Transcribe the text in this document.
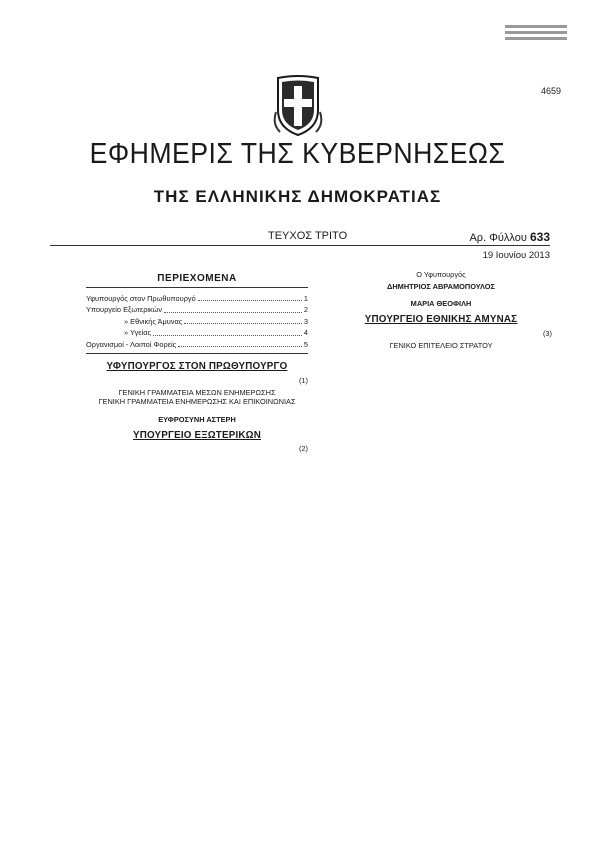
4659
ΕΦΗΜΕΡΙΣ ΤΗΣ ΚΥΒΕΡΝΗΣΕΩΣ
ΤΗΣ ΕΛΛΗΝΙΚΗΣ ΔΗΜΟΚΡΑΤΙΑΣ
ΤΕΥΧΟΣ ΤΡΙΤΟ	Αρ. Φύλλου 633
19 Ιουνίου 2013
ΠΕΡΙΕΧΟΜΕΝΑ
Υφυπουργός στον Πρωθυπουργό	1
Υπουργείο Εξωτερικών	2
» Εθνικής Άμυνας	3
» Υγείας	4
Οργανισμοί - Λοιποί Φορείς	5
ΥΦΥΠΟΥΡΓΟΣ ΣΤΟΝ ΠΡΩΘΥΠΟΥΡΓΟ
(1)
ΓΕΝΙΚΗ ΓΡΑΜΜΑΤΕΙΑ ΜΕΣΩΝ ΕΝΗΜΕΡΩΣΗΣ
ΓΕΝΙΚΗ ΓΡΑΜΜΑΤΕΙΑ ΕΝΗΜΕΡΩΣΗΣ ΚΑΙ ΕΠΙΚΟΙΝΩΝΙΑΣ
ΕΥΦΡΟΣΥΝΗ ΑΣΤΕΡΗ
ΥΠΟΥΡΓΕΙΟ ΕΞΩΤΕΡΙΚΩΝ
(2)
Ο Υφυπουργός
ΔΗΜΗΤΡΙΟΣ ΑΒΡΑΜΟΠΟΥΛΟΣ
ΜΑΡΙΑ ΘΕΟΦΙΛΗ
ΥΠΟΥΡΓΕΙΟ ΕΘΝΙΚΗΣ ΑΜΥΝΑΣ
(3)
ΓΕΝΙΚΟ ΕΠΙΤΕΛΕΙΟ ΣΤΡΑΤΟΥ
